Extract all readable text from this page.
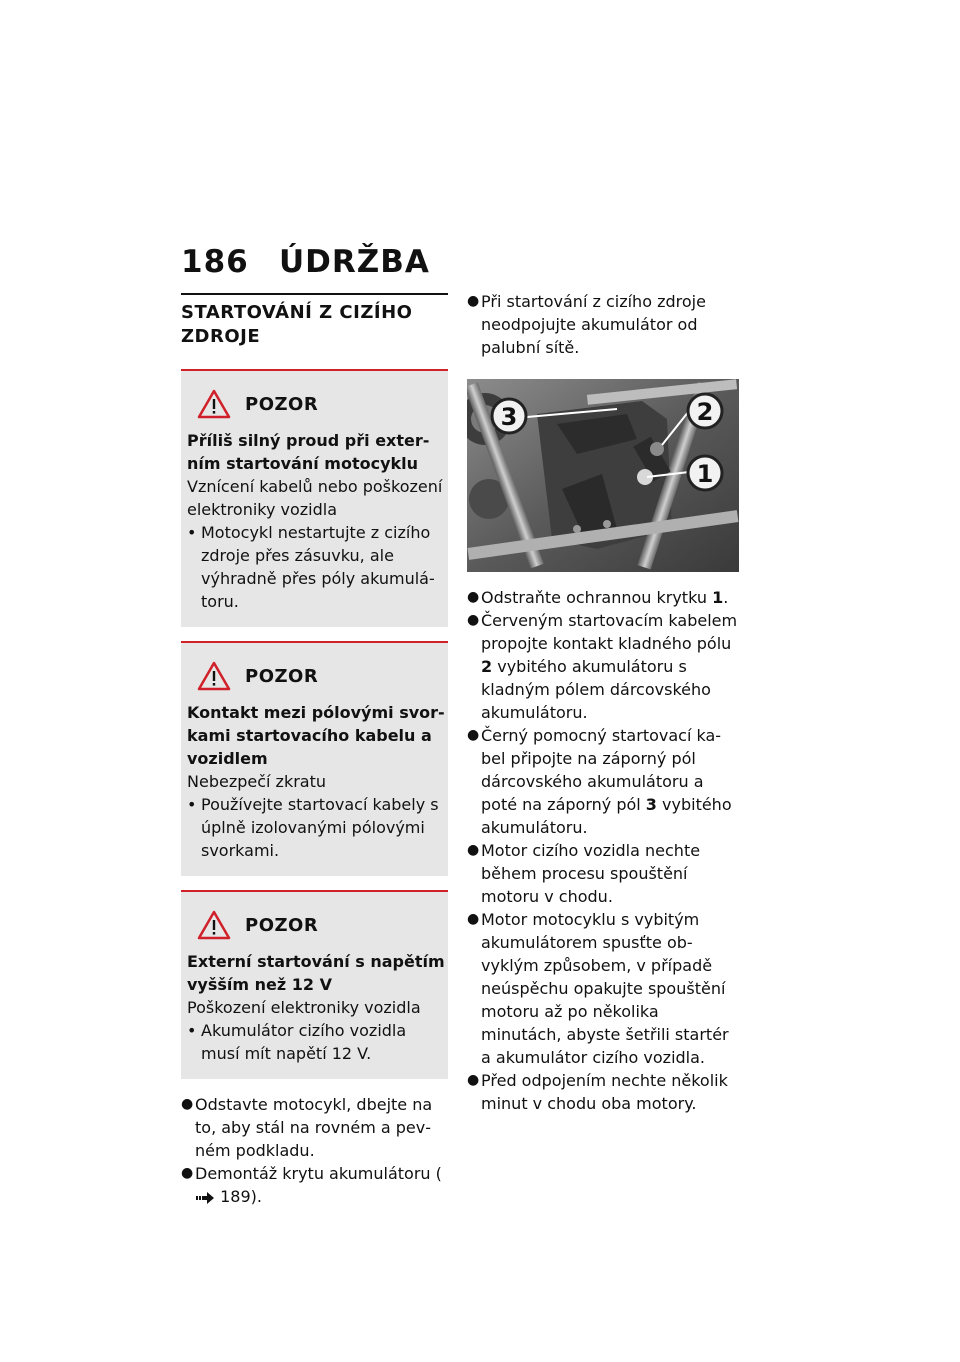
186 ÚDRŽBA
STARTOVÁNÍ Z CIZÍHO ZDROJE
POZOR
Příliš silný proud při externím startování motocyklu
Vznícení kabelů nebo poškození elektroniky vozidla
• Motocykl nestartujte z cizího zdroje přes zásuvku, ale výhradně přes póly akumulátoru.
POZOR
Kontakt mezi pólovými svorkami startovacího kabelu a vozidlem
Nebezpečí zkratu
• Používejte startovací kabely s úplně izolovanými pólovými svorkami.
POZOR
Externí startování s napětím vyšším než 12 V
Poškození elektroniky vozidla
• Akumulátor cizího vozidla musí mít napětí 12 V.
● Odstavte motocykl, dbejte na to, aby stál na rovném a pevném podkladu.
● Demontáž krytu akumulátoru ( 189).
● Při startování z cizího zdroje neodpojujte akumulátor od palubní sítě.
3	2
1
● Odstraňte ochrannou krytku 1.
● Červeným startovacím kabelem propojte kontakt kladného pólu 2 vybitého akumulátoru s kladným pólem dárcovského akumulátoru.
● Černý pomocný startovací kabel připojte na záporný pól dárcovského akumulátoru a poté na záporný pól 3 vybitého akumulátoru.
● Motor cizího vozidla nechte během procesu spouštění motoru v chodu.
● Motor motocyklu s vybitým akumulátorem spusťte obvyklým způsobem, v případě neúspěchu opakujte spouštění motoru až po několika minutách, abyste šetřili startér a akumulátor cizího vozidla.
● Před odpojením nechte několik minut v chodu oba motory.
